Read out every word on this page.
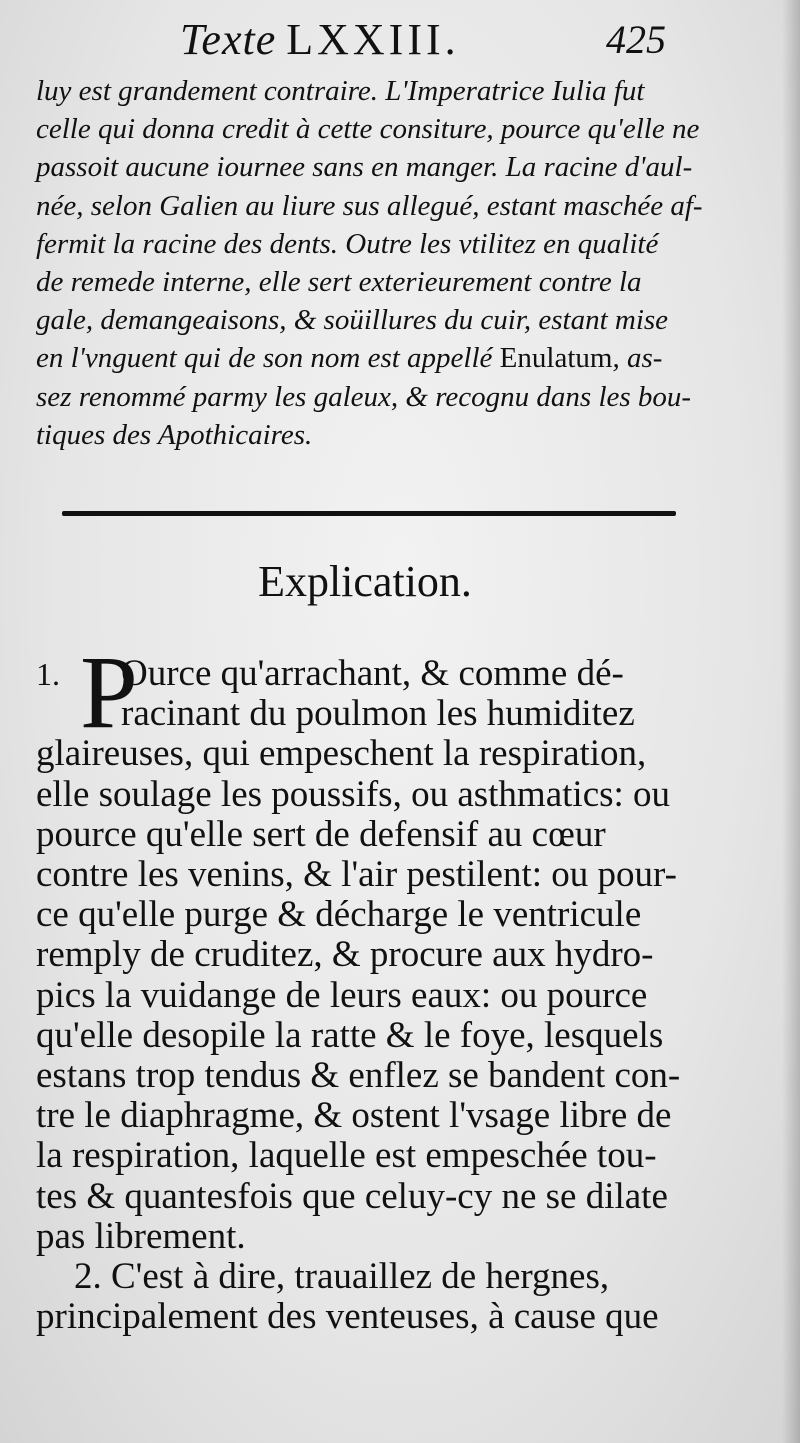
Texte LXXIII.	425
luy est grandement contraire. L'Imperatrice Iulia fut
celle qui donna credit à cette consiture, pource qu'elle ne
passoit aucune iournee sans en manger. La racine d'aul-
née, selon Galien au liure sus allegué, estant maschée af-
fermit la racine des dents. Outre les vtilitez en qualité
de remede interne, elle sert exterieurement contre la
gale, demangeaisons, & soüillures du cuir, estant mise
en l'vnguent qui de son nom est appellé Enulatum, as-
sez renommé parmy les galeux, & recognu dans les bou-
tiques des Apothicaires.
Explication.
1. P
Ource qu'arrachant, & comme dé-
racinant du poulmon les humiditez
glaireuses, qui empeschent la respiration,
elle soulage les poussifs, ou asthmatics: ou
pource qu'elle sert de defensif au cœur
contre les venins, & l'air pestilent: ou pour-
ce qu'elle purge & décharge le ventricule
remply de cruditez, & procure aux hydro-
pics la vuidange de leurs eaux: ou pource
qu'elle desopile la ratte & le foye, lesquels
estans trop tendus & enflez se bandent con-
tre le diaphragme, & ostent l'vsage libre de
la respiration, laquelle est empeschée tou-
tes & quantesfois que celuy-cy ne se dilate
pas librement.
2. C'est à dire, trauaillez de hergnes,
principalement des venteuses, à cause que
